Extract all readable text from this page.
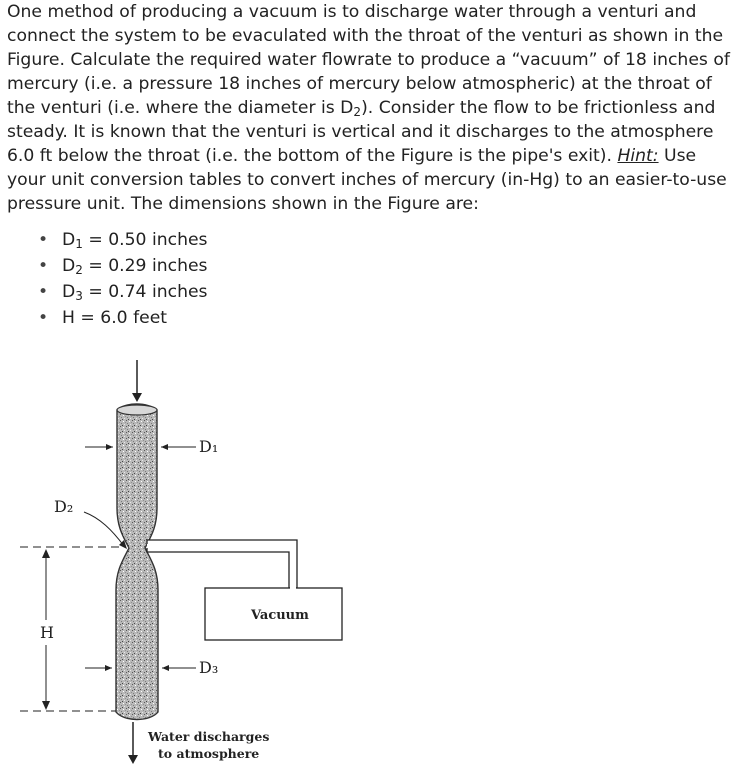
One method of producing a vacuum is to discharge water through a venturi and connect the system to be evaculated with the throat of the venturi as shown in the Figure. Calculate the required water flowrate to produce a “vacuum” of 18 inches of mercury (i.e. a pressure 18 inches of mercury below atmospheric) at the throat of the venturi (i.e. where the diameter is $D_2$). Consider the flow to be frictionless and steady. It is known that the venturi is vertical and it discharges to the atmosphere 6.0 ft below the throat (i.e. the bottom of the Figure is the pipe's exit). Hint: Use your unit conversion tables to convert inches of mercury (in-Hg) to an easier-to-use pressure unit. The dimensions shown in the Figure are:

• $D_1 = 0.50$ inches
• $D_2 = 0.29$ inches
• $D_3 = 0.74$ inches
• H = 6.0 feet
D₁
D₂
H
D₃
Vacuum
Water discharges
to atmosphere
